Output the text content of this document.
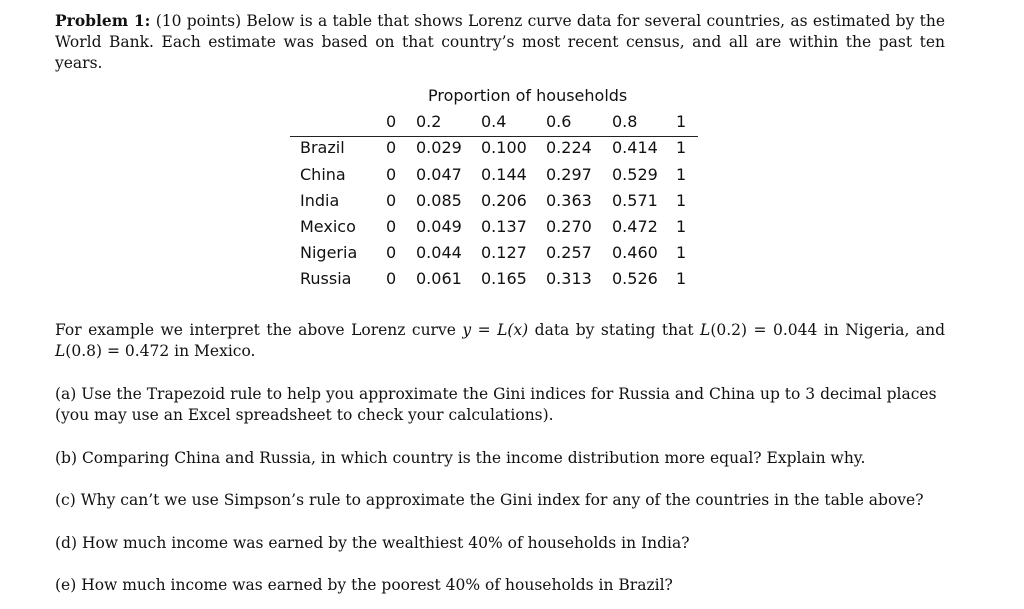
Problem 1: (10 points) Below is a table that shows Lorenz curve data for several countries, as estimated by the World Bank. Each estimate was based on that country’s most recent census, and all are within the past ten years.
Proportion of households
0 0.2 0.4 0.6	0.8 1
Brazil	0 0.029 0.100 0.224 0.414 1
China	0 0.047 0.144 0.297 0.529 1
India	0 0.085 0.206 0.363 0.571 1
Mexico 0 0.049 0.137 0.270 0.472 1
Nigeria 0 0.044 0.127 0.257 0.460 1
Russia 0 0.061 0.165 0.313 0.526 1
For example we interpret the above Lorenz curve y = L(x) data by stating that L(0.2) = 0.044 in Nigeria, and L(0.8) = 0.472 in Mexico.
(a) Use the Trapezoid rule to help you approximate the Gini indices for Russia and China up to 3 decimal places (you may use an Excel spreadsheet to check your calculations).
(b) Comparing China and Russia, in which country is the income distribution more equal? Explain why.
(c) Why can’t we use Simpson’s rule to approximate the Gini index for any of the countries in the table above?
(d) How much income was earned by the wealthiest 40% of households in India?
(e) How much income was earned by the poorest 40% of households in Brazil?
